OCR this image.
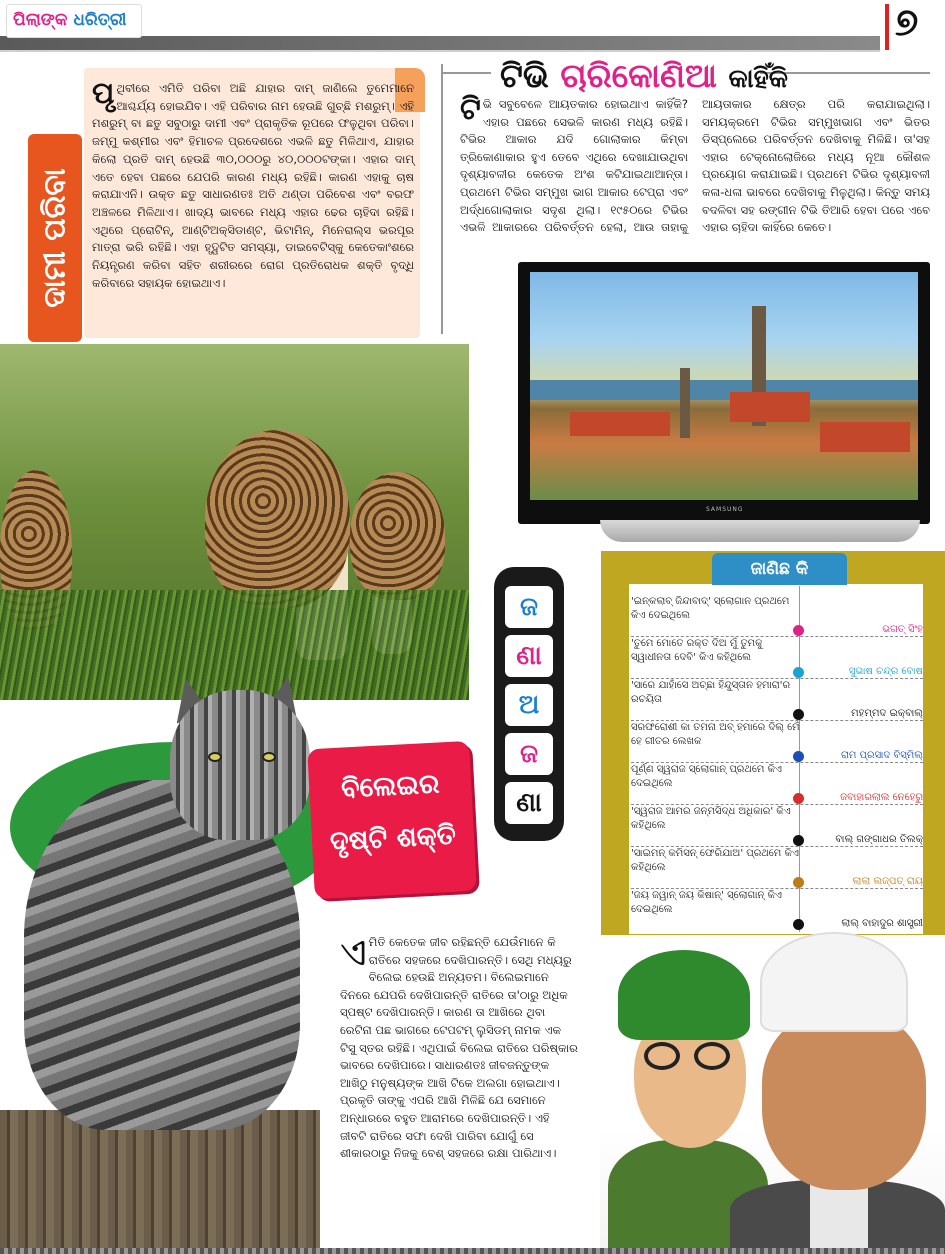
ପିଲାଙ୍କ ଧରିତ୍ରୀ	୭
ଦାମୀ ପରିବା
ପୃ ଥିବୀରେ ଏମିତି ପରିବା ଅଛି ଯାହାର ଦାମ୍ ଜାଣିଲେ ତୁମେମାନେ ଆଶ୍ଚର୍ଯ୍ୟ ହୋଇଯିବ। ଏହି ପରିବାର ନାମ ହେଉଛି ଗୁଚ୍ଛି ମଶରୁମ୍। ଏହି ମଶରୁମ୍ ବା ଛତୁ ସବୁଠାରୁ ଦାମୀ ଏବଂ ପ୍ରାକୃତିକ ରୂପରେ ଫଳୁଥିବା ପରିବା। ଜମ୍ମୁ କଶ୍ମୀର ଏବଂ ହିମାଚଳ ପ୍ରଦେଶରେ ଏଭଳି ଛତୁ ମିଳିଥାଏ, ଯାହାର କିଲୋ ପ୍ରତି ଦାମ୍ ହେଉଛି ୩୦,୦୦୦ରୁ ୪୦,୦୦୦ଟଙ୍କା। ଏହାର ଦାମ୍ ଏତେ ହେବା ପଛରେ ଯେପରି କାରଣ ମଧ୍ୟ ରହିଛି। କାରଣ ଏହାକୁ ଚାଷ କରାଯାଏନି। ଉକ୍ତ ଛତୁ ସାଧାରଣତଃ ଅତି ଥଣ୍ଡା ପରିବେଶ ଏବଂ ବରଫ ଅଞ୍ଚଳରେ ମିଳିଥାଏ। ଖାଦ୍ୟ ଭାବରେ ମଧ୍ୟ ଏହାର ଢେର ଚାହିଦା ରହିଛି। ଏଥିରେ ପ୍ରୋଟିନ୍, ଆଣ୍ଟିଅକ୍ସିଡାଣ୍ଟ, ଭିଟାମିନ୍, ମିନେରାଲ୍ସ ଭରପୂର ମାତ୍ରା ଭରି ରହିଛି। ଏହା ହୃଦ୍ଘଟିତ ସମସ୍ୟା, ଡାଇବେଟିସ୍‌କୁ କେତେକାଂଶରେ ନିୟନ୍ତ୍ରଣ କରିବା ସହିତ ଶରୀରରେ ରୋଗ ପ୍ରତିରୋଧକ ଶକ୍ତି ବୃଦ୍ଧି କରିବାରେ ସହାୟକ ହୋଇଥାଏ।
ବିଲେଇର
ଦୃଷ୍ଟି ଶକ୍ତି
ଏ ମିତି କେତେକ ଜୀବ ରହିଛନ୍ତି ଯେଉଁମାନେ କି ରାତିରେ ସହଜରେ ଦେଖିପାରନ୍ତି। ସେଥି ମଧ୍ୟରୁ ବିଲେଇ ହେଉଛି ଅନ୍ୟତମ। ବିଲେଇମାନେ ଦିନରେ ଯେପରି ଦେଖିପାରନ୍ତି ରାତିରେ ତା'ଠାରୁ ଅଧିକ ସ୍ପଷ୍ଟ ଦେଖିପାରନ୍ତି। କାରଣ ତା ଆଖିରେ ଥିବା ରେଟିନା ପଛ ଭାଗରେ ଟେପଟମ୍ ଲୁସିଡମ୍ ନାମକ ଏକ ଟିସୁ ସ୍ତର ରହିଛି। ଏଥିପାଇଁ ବିଲେଇ ରାତିରେ ପରିଷ୍କାର ଭାବରେ ଦେଖିପାରେ। ସାଧାରଣତଃ ଜୀବଜନ୍ତୁଙ୍କ ଆଖିଠୁ ମନୁଷ୍ୟଙ୍କ ଆଖି ଟିକେ ଅଲଗା ହୋଇଥାଏ। ପ୍ରକୃତି ତାଙ୍କୁ ଏପରି ଆଖି ମିଳିଛି ଯେ ସେମାନେ ଅନ୍ଧାରରେ ବହୁତ ଆରାମରେ ଦେଖିପାରନ୍ତି। ଏହି ଜୀବଟି ରାତିରେ ସଫା ଦେଖି ପାରିବା ଯୋଗୁଁ ସେ ଶୀକାରଠାରୁ ନିଜକୁ ବେଶ୍ ସହଜରେ ରକ୍ଷା ପାରିଥାଏ।
ଟିଭି ଚାରିକୋଣିଆ କାହିଁକି
ଟି ଭି ସବୁବେଳେ ଆୟତକାର ହୋଇଥାଏ କାହିଁକି? ଏହାର ପଛରେ ସେଭଳି କାରଣ ମଧ୍ୟ ରହିଛି। ଟିଭିର ଆକାର ଯଦି ଗୋଲାକାର କିମ୍ବା ତ୍ରିକୋଣାକାର ହୁଏ ତେବେ ଏଥିରେ ଦେଖାଯାଉଥିବା ଦୃଶ୍ୟାବଳୀର କେତେକ ଅଂଶ କଟିଯାଇଥାଆନ୍ତା। ପ୍ରଥମେ ଟିଭିର ସମ୍ମୁଖ ଭାଗ ଆକାର ଟେପ୍ରା ଏବଂ ଅର୍ଦ୍ଧଗୋଲାକାର ସଦୃଶ ଥିଲା। ୧୯୫୦ରେ ଟିଭିର ଏଭଳି ଆକାରରେ ପରିବର୍ତ୍ତନ ହେଲା, ଆଉ ତାହାକୁ ଆୟତାକାର କ୍ଷେତ୍ର ପରି କରାଯାଇଥିଲା। ସମୟକ୍ରମେ ଟିଭିର ସମ୍ମୁଖଭାଗ ଏବଂ ଭିତର ଡିସ୍‌ପ୍ଲେରେ ପରିବର୍ତ୍ତନ ଦେଖିବାକୁ ମିଳିଛି। ତା'ସହ ଏହାର ଟେକ୍ନୋଲୋଜିରେ ମଧ୍ୟ ନୂଆ କୌଶଳ ପ୍ରୟୋଗ କରାଯାଇଛି। ପ୍ରଥମେ ଟିଭିର ଦୃଶ୍ୟାବଳୀ କଳା-ଧଳା ଭାବରେ ଦେଖିବାକୁ ମିଳୁଥିଲା। କିନ୍ତୁ ସମୟ ବଦଳିବା ସହ ରଙ୍ଗୀନ ଟିଭି ତିଆରି ହେବା ପରେ ଏବେ ଏହାର ଚାହିଦା କାହିଁରେ କେତେ।
SAMSUNG
ଜ
ଣା
ଅ
ଜ
ଣା
ଜାଣିଛ କି
'ଇନ୍‌କଲାବ୍ ଜିନ୍ଦାବାଦ୍' ସ୍ଲୋଗାନ ପ୍ରଥମେ କିଏ ଦେଇଥିଲେ
ଭଗତ୍ ସିଂହ
'ତୁମେ ମୋତେ ରକ୍ତ ଦିଅ ମୁଁ ତୁମକୁ ସ୍ୱାଧୀନତା ଦେବି' କିଏ କହିଥିଲେ
ସୁଭାଷ ଚନ୍ଦ୍ର ବୋଷ
'ସାରେ ଯାହାଁସେ ଅଚ୍ଛା ହିନ୍ଦୁସ୍ତାନ ହମାରା'ର ରଚୟିତା
ମହମ୍ମଦ ଇକ୍‌ବାଲ୍
ସରଫରୋଶୀ କା ତମନା ଅବ୍ ହମାରେ ଦିଲ୍ ମେଁ ହେ ଗୀତର ଲେଖକ
ରାମ ପ୍ରସାଦ ବିସ୍‌ମିଲ୍
ପୂର୍ଣ୍ଣ ସ୍ୱରାଜ ସ୍ଲୋଗାନ୍ ପ୍ରଥମେ କିଏ ଦେଇଥିଲେ
ଜବାହାରଲାଲ ନେହେରୁ
'ସ୍ୱରାଜ ଆମର ଜନ୍ମସିଦ୍ଧ ଅଧିକାର' କିଏ କହିଥିଲେ
ବାଲ୍ ଗଙ୍ଗାଧର ତିଲକ୍
'ସାଇମନ୍ କମିସନ୍ ଫେରିଯାଅ' ପ୍ରଥମେ କିଏ କହିଥିଲେ
ଲାଲା ଲଜ୍‌ପତ୍ ରାୟ
'ଜୟ ଜୱାନ୍ ଜୟ କିଷାନ୍' ସ୍ଲୋଗାନ୍ କିଏ ଦେଇଥିଲେ
ଲାଲ୍ ବାହାଦୁର ଶାସ୍ତ୍ରୀ
